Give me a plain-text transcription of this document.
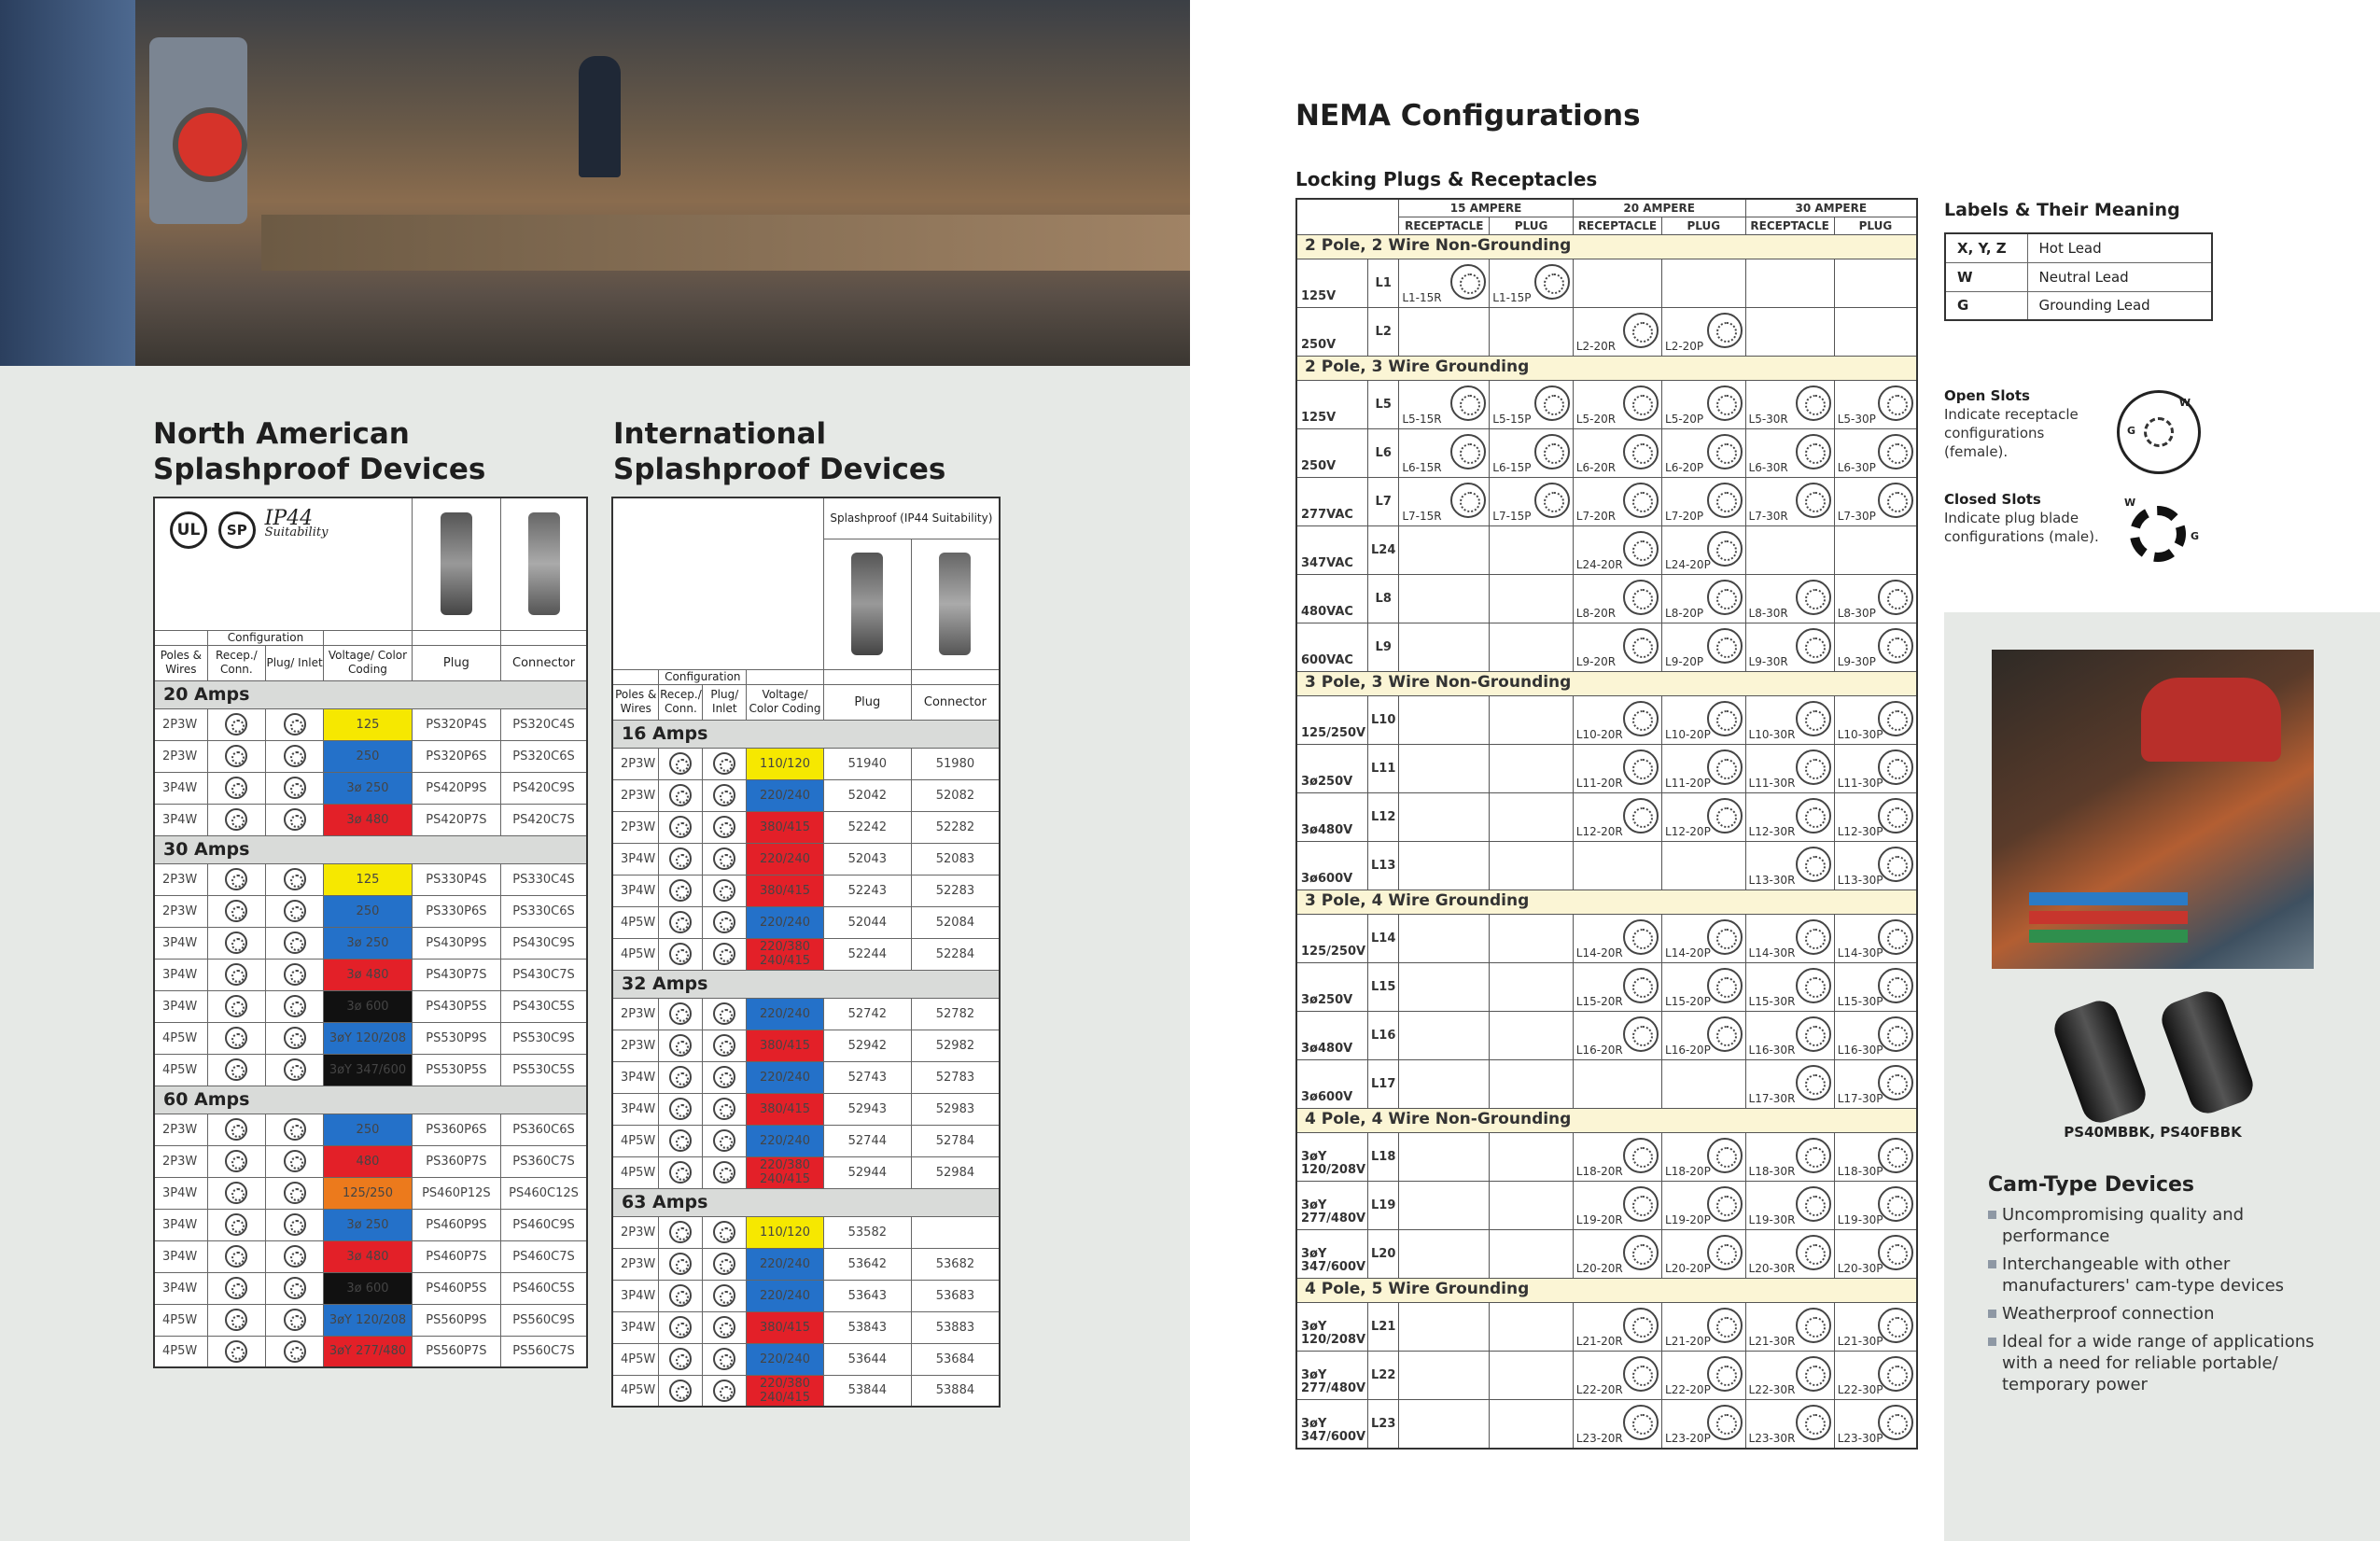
North American
Splashproof Devices
UL SP IP44
Suitability					

	Configuration				
Poles & Wires	Recep./ Conn.	Plug/ Inlet	Voltage/ Color Coding	Plug	Connector
20 Amps					
2P3W			125	PS320P4S	PS320C4S
2P3W			250	PS320P6S	PS320C6S
3P4W			3ø 250	PS420P9S	PS420C9S
3P4W			3ø 480	PS420P7S	PS420C7S
30 Amps					
2P3W			125	PS330P4S	PS330C4S
2P3W			250	PS330P6S	PS330C6S
3P4W			3ø 250	PS430P9S	PS430C9S
3P4W			3ø 480	PS430P7S	PS430C7S
3P4W			3ø 600	PS430P5S	PS430C5S
4P5W			3øY 120/208	PS530P9S	PS530C9S
4P5W			3øY 347/600	PS530P5S	PS530C5S
60 Amps					
2P3W			250	PS360P6S	PS360C6S
2P3W			480	PS360P7S	PS360C7S
3P4W			125/250	PS460P12S	PS460C12S
3P4W			3ø 250	PS460P9S	PS460C9S
3P4W			3ø 480	PS460P7S	PS460C7S
3P4W			3ø 600	PS460P5S	PS460C5S
4P5W			3øY 120/208	PS560P9S	PS560C9S
4P5W			3øY 277/480	PS560P7S	PS560C7S
International
Splashproof Devices
				Splashproof (IP44 Suitability)	

	Configuration				
Poles & Wires	Recep./ Conn.	Plug/ Inlet	Voltage/ Color Coding	Plug	Connector
16 Amps					
2P3W			110/120	51940	51980
2P3W			220/240	52042	52082
2P3W			380/415	52242	52282
3P4W			220/240	52043	52083
3P4W			380/415	52243	52283
4P5W			220/240	52044	52084
4P5W			220/380 240/415	52244	52284
32 Amps					
2P3W			220/240	52742	52782
2P3W			380/415	52942	52982
3P4W			220/240	52743	52783
3P4W			380/415	52943	52983
4P5W			220/240	52744	52784
4P5W			220/380 240/415	52944	52984
63 Amps					
2P3W			110/120	53582	
2P3W			220/240	53642	53682
3P4W			220/240	53643	53683
3P4W			380/415	53843	53883
4P5W			220/240	53644	53684
4P5W			220/380 240/415	53844	53884
NEMA Configurations
Locking Plugs & Receptacles
		15 AMPERE		20 AMPERE		30 AMPERE	
		RECEPTACLE	PLUG	RECEPTACLE	PLUG	RECEPTACLE	PLUG
2 Pole, 2 Wire Non-Grounding							
125V	L1	L1-15R	L1-15P

250V	L2			L2-20R	L2-20P

2 Pole, 3 Wire Grounding							
125V	L5	L5-15R	L5-15P	L5-20R	L5-20P	L5-30R	L5-30P

250V	L6	L6-15R	L6-15P	L6-20R	L6-20P	L6-30R	L6-30P

277VAC	L7	L7-15R	L7-15P	L7-20R	L7-20P	L7-30R	L7-30P

347VAC	L24			L24-20R	L24-20P

480VAC	L8			L8-20R	L8-20P	L8-30R	L8-30P

600VAC	L9			L9-20R	L9-20P	L9-30R	L9-30P

3 Pole, 3 Wire Non-Grounding							
125/250V	L10			L10-20R	L10-20P	L10-30R	L10-30P

3ø250V	L11			L11-20R	L11-20P	L11-30R	L11-30P

3ø480V	L12			L12-20R	L12-20P	L12-30R	L12-30P

3ø600V	L13					L13-30R	L13-30P

3 Pole, 4 Wire Grounding							
125/250V	L14			L14-20R	L14-20P	L14-30R	L14-30P

3ø250V	L15			L15-20R	L15-20P	L15-30R	L15-30P

3ø480V	L16			L16-20R	L16-20P	L16-30R	L16-30P

3ø600V	L17					L17-30R	L17-30P

4 Pole, 4 Wire Non-Grounding							
3øY 120/208V	L18			L18-20R	L18-20P	L18-30R	L18-30P

3øY 277/480V	L19			L19-20R	L19-20P	L19-30R	L19-30P

3øY 347/600V	L20			L20-20R	L20-20P	L20-30R	L20-30P

4 Pole, 5 Wire Grounding							
3øY 120/208V	L21			L21-20R	L21-20P	L21-30R	L21-30P

3øY 277/480V	L22			L22-20R	L22-20P	L22-30R	L22-30P

3øY 347/600V	L23			L23-20R	L23-20P	L23-30R	L23-30P
Labels & Their Meaning
X, Y, Z	Hot Lead
W	Neutral Lead
G	Grounding Lead
Open Slots
Indicate receptacle configurations (female).
W
G
Closed Slots
Indicate plug blade configurations (male).
W
G
PS40MBBK, PS40FBBK
Cam-Type Devices
Uncompromising quality and performance
Interchangeable with other manufacturers' cam-type devices
Weatherproof connection
Ideal for a wide range of applications with a need for reliable portable/ temporary power
